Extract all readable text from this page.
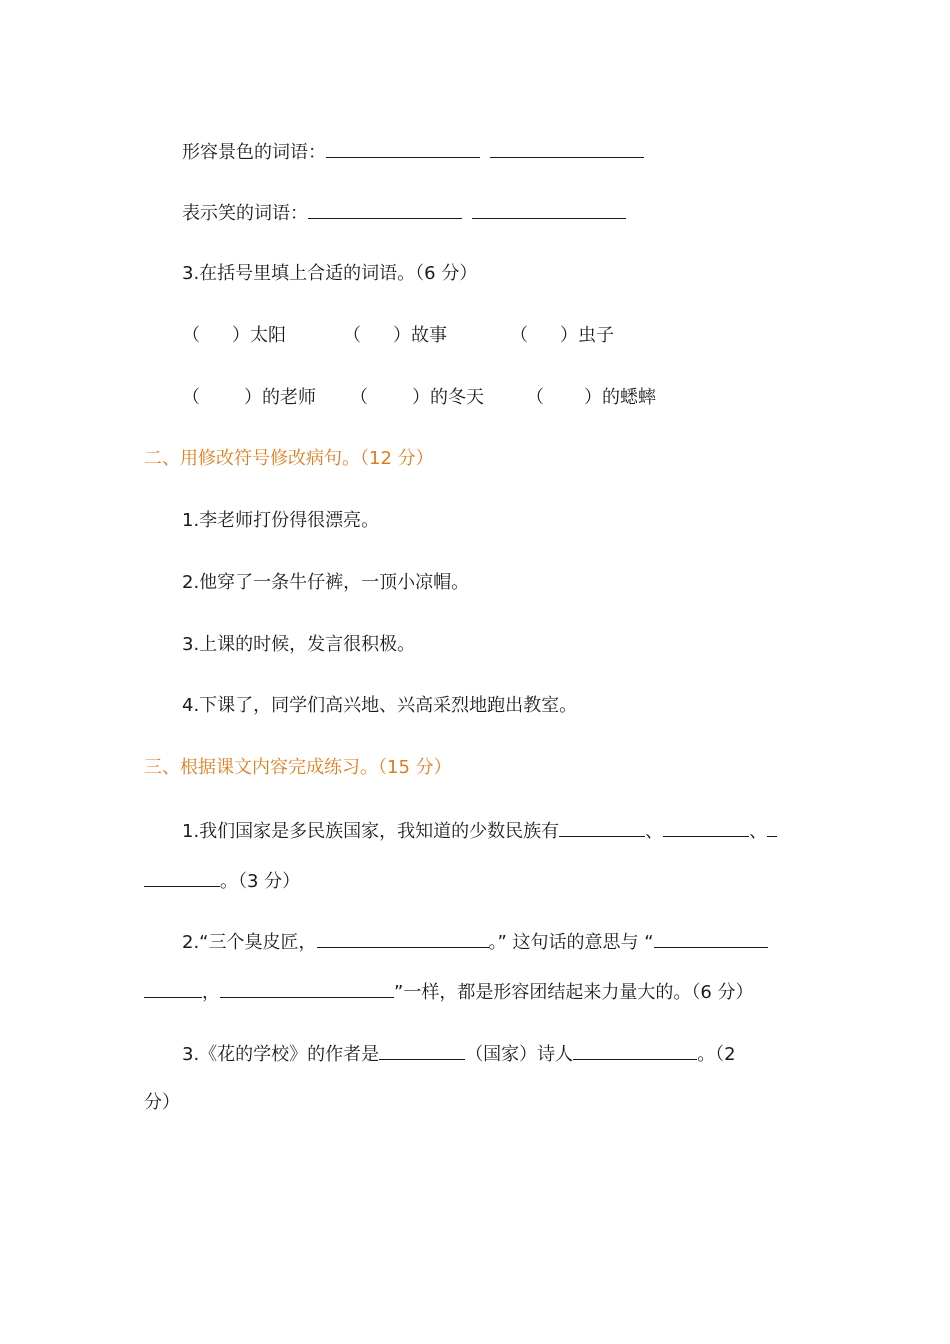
形容景色的词语：
表示笑的词语：
3.在括号里填上合适的词语。（6 分）
（ ）太阳	（ ）故事	（ ）虫子
（ ）的老师 （ ）的冬天 （ ）的蟋蟀
二、用修改符号修改病句。（12 分）
1.李老师打份得很漂亮。
2.他穿了一条牛仔裤，一顶小凉帽。
3.上课的时候，发言很积极。
4.下课了，同学们高兴地、兴高采烈地跑出教室。
三、根据课文内容完成练习。（15 分）
1.我们国家是多民族国家，我知道的少数民族有	、	、
。（3 分）
2.“三个臭皮匠，	。” 这句话的意思与 “
，	”一样，都是形容团结起来力量大的。（6 分）
3.《花的学校》的作者是	（国家）诗人	。（2
分）
